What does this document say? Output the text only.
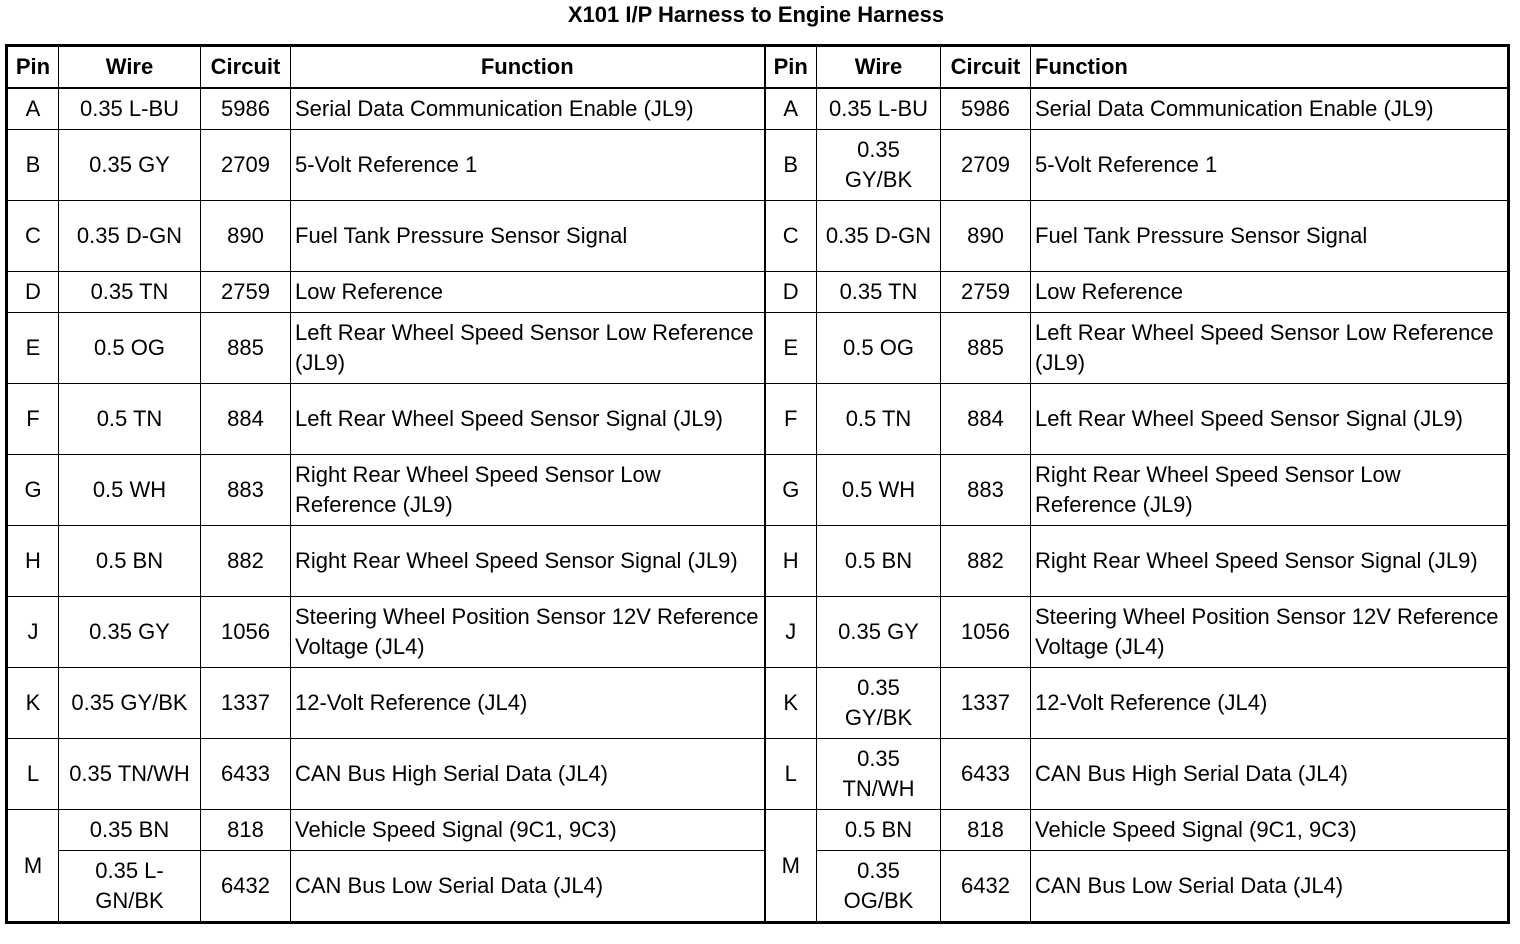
X101 I/P Harness to Engine Harness
Pin	Wire	Circuit	Function	Pin	Wire	Circuit	Function
A	0.35 L-BU	5986	Serial Data Communication Enable (JL9)	A	0.35 L-BU	5986	Serial Data Communication Enable (JL9)
B	0.35 GY	2709	5-Volt Reference 1	B	0.35 GY/BK	2709	5-Volt Reference 1
C	0.35 D-GN	890	Fuel Tank Pressure Sensor Signal	C	0.35 D-GN	890	Fuel Tank Pressure Sensor Signal
D	0.35 TN	2759	Low Reference	D	0.35 TN	2759	Low Reference
E	0.5 OG	885	Left Rear Wheel Speed Sensor Low Reference (JL9)	E	0.5 OG	885	Left Rear Wheel Speed Sensor Low Reference (JL9)
F	0.5 TN	884	Left Rear Wheel Speed Sensor Signal (JL9)	F	0.5 TN	884	Left Rear Wheel Speed Sensor Signal (JL9)
G	0.5 WH	883	Right Rear Wheel Speed Sensor Low Reference (JL9)	G	0.5 WH	883	Right Rear Wheel Speed Sensor Low Reference (JL9)
H	0.5 BN	882	Right Rear Wheel Speed Sensor Signal (JL9)	H	0.5 BN	882	Right Rear Wheel Speed Sensor Signal (JL9)
J	0.35 GY	1056	Steering Wheel Position Sensor 12V Reference Voltage (JL4)	J	0.35 GY	1056	Steering Wheel Position Sensor 12V Reference Voltage (JL4)
K	0.35 GY/BK	1337	12-Volt Reference (JL4)	K	0.35 GY/BK	1337	12-Volt Reference (JL4)
L	0.35 TN/WH	6433	CAN Bus High Serial Data (JL4)	L	0.35 TN/WH	6433	CAN Bus High Serial Data (JL4)
M	0.35 BN	818	Vehicle Speed Signal (9C1, 9C3)	M	0.5 BN	818	Vehicle Speed Signal (9C1, 9C3)
	0.35 L-GN/BK	6432	CAN Bus Low Serial Data (JL4)		0.35 OG/BK	6432	CAN Bus Low Serial Data (JL4)
